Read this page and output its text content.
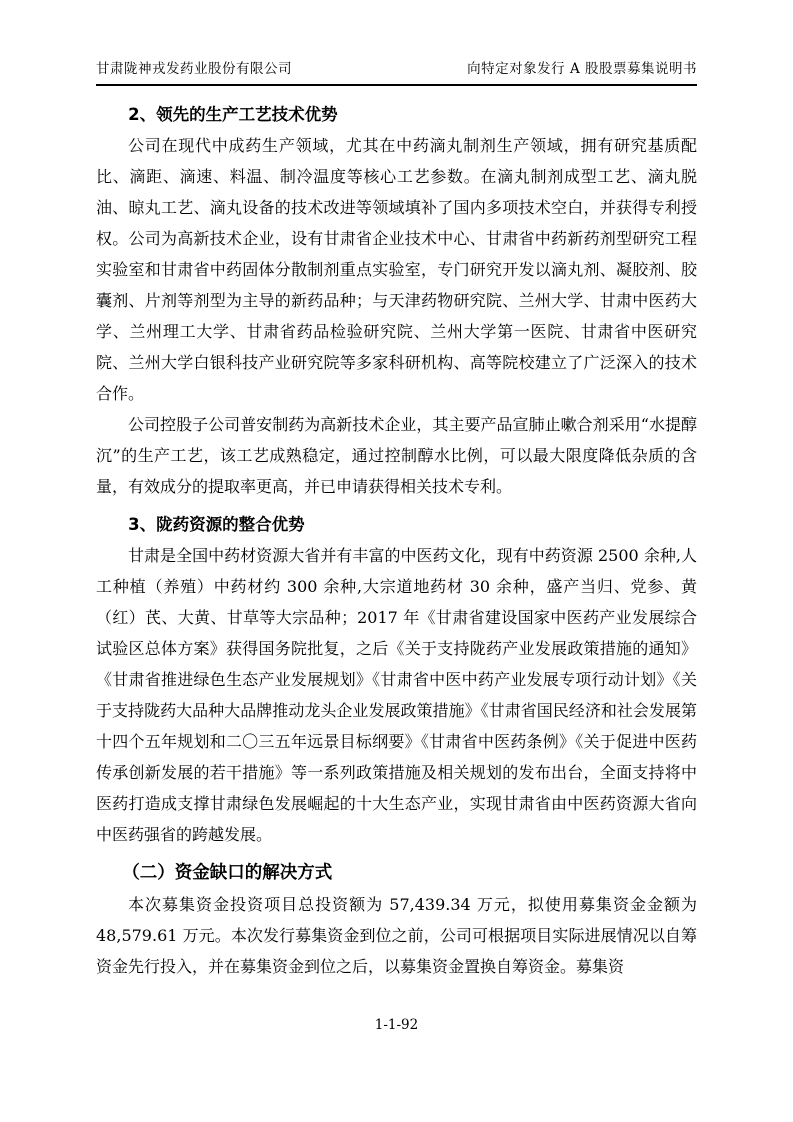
甘肃陇神戎发药业股份有限公司	向特定对象发行 A 股股票募集说明书
2、领先的生产工艺技术优势

公司在现代中成药生产领域，尤其在中药滴丸制剂生产领域，拥有研究基质配比、滴距、滴速、料温、制冷温度等核心工艺参数。在滴丸制剂成型工艺、滴丸脱油、晾丸工艺、滴丸设备的技术改进等领域填补了国内多项技术空白，并获得专利授权。公司为高新技术企业，设有甘肃省企业技术中心、甘肃省中药新药剂型研究工程实验室和甘肃省中药固体分散制剂重点实验室，专门研究开发以滴丸剂、凝胶剂、胶囊剂、片剂等剂型为主导的新药品种；与天津药物研究院、兰州大学、甘肃中医药大学、兰州理工大学、甘肃省药品检验研究院、兰州大学第一医院、甘肃省中医研究院、兰州大学白银科技产业研究院等多家科研机构、高等院校建立了广泛深入的技术合作。

公司控股子公司普安制药为高新技术企业，其主要产品宣肺止嗽合剂采用“水提醇沉”的生产工艺，该工艺成熟稳定，通过控制醇水比例，可以最大限度降低杂质的含量，有效成分的提取率更高，并已申请获得相关技术专利。

3、陇药资源的整合优势

甘肃是全国中药材资源大省并有丰富的中医药文化，现有中药资源 2500 余种,人工种植（养殖）中药材约 300 余种,大宗道地药材 30 余种，盛产当归、党参、黄（红）芪、大黄、甘草等大宗品种；2017 年《甘肃省建设国家中医药产业发展综合试验区总体方案》获得国务院批复，之后《关于支持陇药产业发展政策措施的通知》《甘肃省推进绿色生态产业发展规划》《甘肃省中医中药产业发展专项行动计划》《关于支持陇药大品种大品牌推动龙头企业发展政策措施》《甘肃省国民经济和社会发展第十四个五年规划和二〇三五年远景目标纲要》《甘肃省中医药条例》《关于促进中医药传承创新发展的若干措施》等一系列政策措施及相关规划的发布出台，全面支持将中医药打造成支撑甘肃绿色发展崛起的十大生态产业，实现甘肃省由中医药资源大省向中医药强省的跨越发展。

（二）资金缺口的解决方式

本次募集资金投资项目总投资额为 57,439.34 万元，拟使用募集资金金额为 48,579.61 万元。本次发行募集资金到位之前，公司可根据项目实际进展情况以自筹资金先行投入，并在募集资金到位之后，以募集资金置换自筹资金。募集资

1-1-92
